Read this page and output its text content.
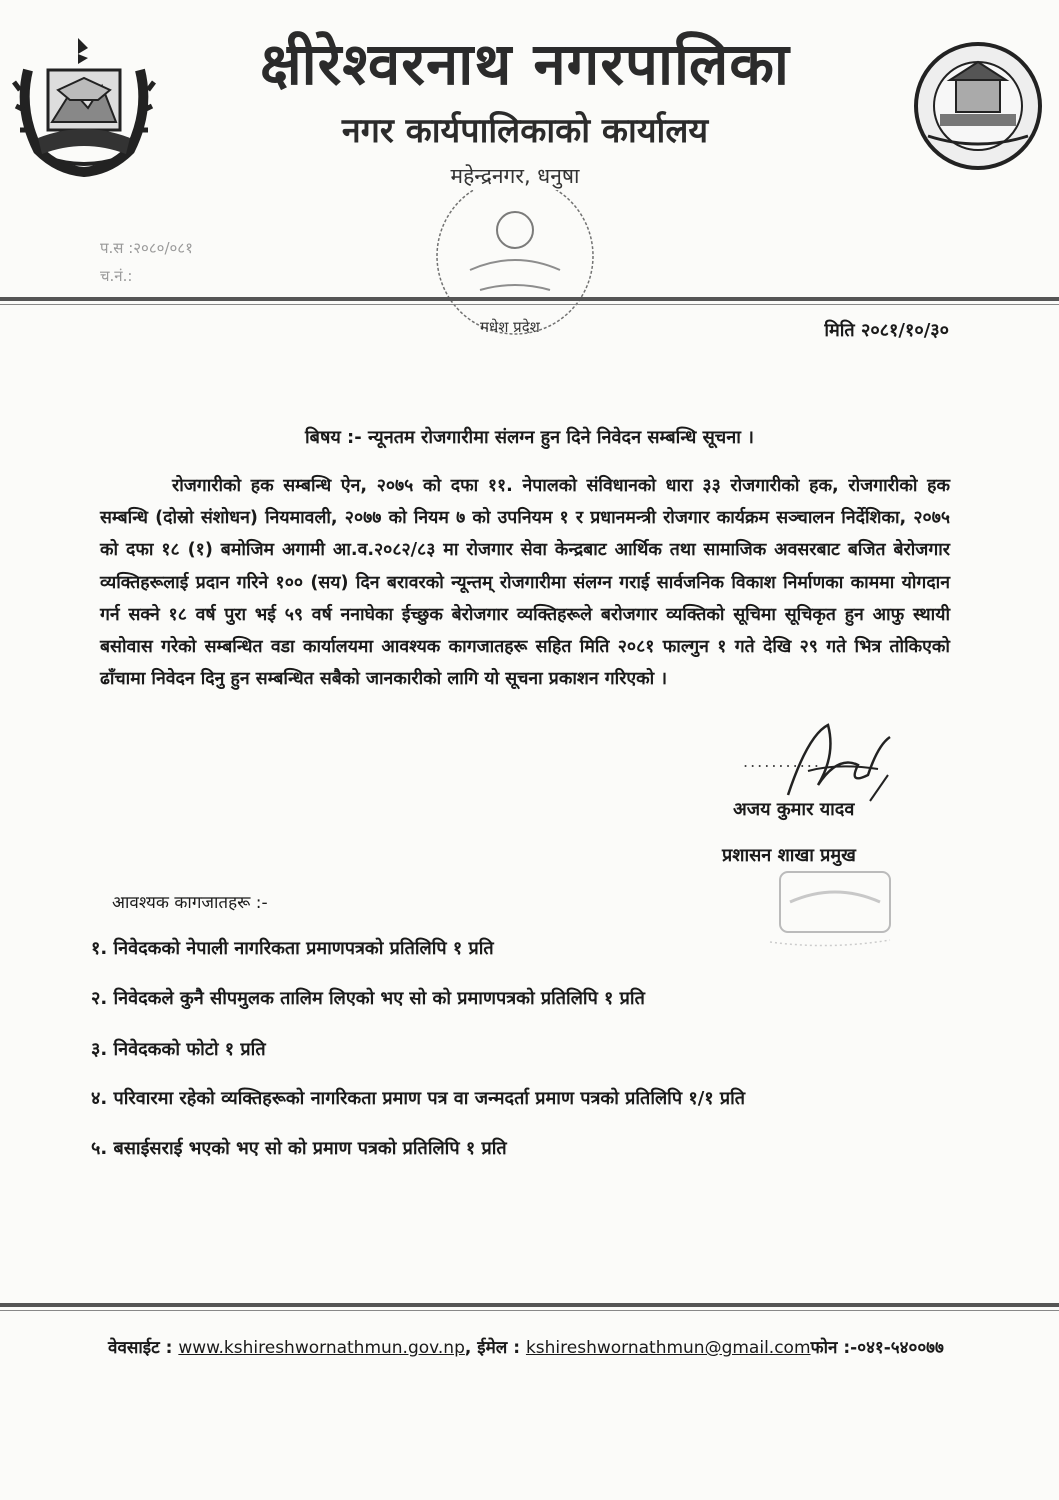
क्षीरेश्वरनाथ नगरपालिका
नगर कार्यपालिकाको कार्यालय
महेन्द्रनगर, धनुषा
मधेश प्रदेश
प.स :२०८०/०८१
च.नं.:
मिति २०८१/१०/३०
बिषय :- न्यूनतम रोजगारीमा संलग्न हुन दिने निवेदन सम्बन्धि सूचना ।
रोजगारीको हक सम्बन्धि ऐन, २०७५ को दफा ११. नेपालको संविधानको धारा ३३ रोजगारीको हक, रोजगारीको हक सम्बन्धि (दोस्रो संशोधन) नियमावली, २०७७ को नियम ७ को उपनियम १ र प्रधानमन्त्री रोजगार कार्यक्रम सञ्चालन निर्देशिका, २०७५ को दफा १८ (१) बमोजिम अगामी आ.व.२०८२/८३ मा रोजगार सेवा केन्द्रबाट आर्थिक तथा सामाजिक अवसरबाट बजित बेरोजगार व्यक्तिहरूलाई प्रदान गरिने १०० (सय) दिन बरावरको न्यून्तम् रोजगारीमा संलग्न गराई सार्वजनिक विकाश निर्माणका काममा योगदान गर्न सक्ने १८ वर्ष पुरा भई ५९ वर्ष ननाघेका ईच्छुक बेरोजगार व्यक्तिहरूले बरोजगार व्यक्तिको सूचिमा सूचिकृत हुन आफु स्थायी बसोवास गरेको सम्बन्धित वडा कार्यालयमा आवश्यक कागजातहरू सहित मिति २०८१ फाल्गुन १ गते देखि २९ गते भित्र तोकिएको ढाँचामा निवेदन दिनु हुन सम्बन्धित सबैको जानकारीको लागि यो सूचना प्रकाशन गरिएको ।
...........
अजय कुमार यादव
प्रशासन शाखा प्रमुख
आवश्यक कागजातहरू :-
१. निवेदकको नेपाली नागरिकता प्रमाणपत्रको प्रतिलिपि १ प्रति
२. निवेदकले कुनै सीपमुलक तालिम लिएको भए सो को प्रमाणपत्रको प्रतिलिपि १ प्रति
३. निवेदकको फोटो १ प्रति
४. परिवारमा रहेको व्यक्तिहरूको नागरिकता प्रमाण पत्र वा जन्मदर्ता प्रमाण पत्रको प्रतिलिपि १/१ प्रति
५. बसाईसराई भएको भए सो को प्रमाण पत्रको प्रतिलिपि १ प्रति
वेवसाईट : www.kshireshwornathmun.gov.np, ईमेल : kshireshwornathmun@gmail.comफोन :-०४१-५४००७७
